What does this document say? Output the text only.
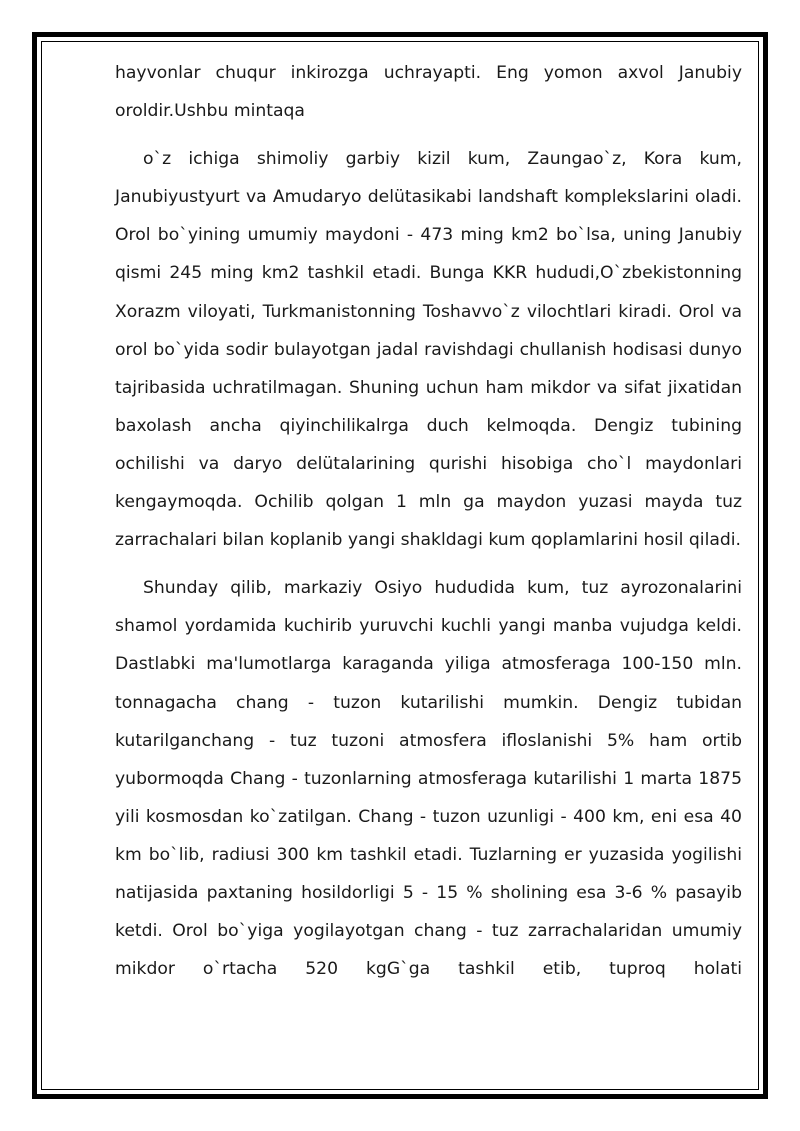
hayvonlar chuqur inkirozga uchrayapti. Eng yomon axvol Janubiy oroldir.Ushbu mintaqa

o`z ichiga shimoliy garbiy kizil kum, Zaungao`z, Kora kum, Janubiyustyurt va Amudaryo delütasikabi landshaft komplekslarini oladi. Orol bo`yining umumiy maydoni - 473 ming km2 bo`lsa, uning Janubiy qismi 245 ming km2 tashkil etadi. Bunga KKR hududi,O`zbekistonning Xorazm viloyati, Turkmanistonning Toshavvo`z vilochtlari kiradi. Orol va orol bo`yida sodir bulayotgan jadal ravishdagi chullanish hodisasi dunyo tajribasida uchratilmagan. Shuning uchun ham mikdor va sifat jixatidan baxolash ancha qiyinchilikalrga duch kelmoqda. Dengiz tubining ochilishi va daryo delütalarining qurishi hisobiga cho`l maydonlari kengaymoqda. Ochilib qolgan 1 mln ga maydon yuzasi mayda tuz zarrachalari bilan koplanib yangi shakldagi kum qoplamlarini hosil qiladi.

Shunday qilib, markaziy Osiyo hududida kum, tuz ayrozonalarini shamol yordamida kuchirib yuruvchi kuchli yangi manba vujudga keldi. Dastlabki ma'lumotlarga karaganda yiliga atmosferaga 100-150 mln. tonnagacha chang - tuzon kutarilishi mumkin. Dengiz tubidan kutarilganchang - tuz tuzoni atmosfera ifloslanishi 5% ham ortib yubormoqda Chang - tuzonlarning atmosferaga kutarilishi 1 marta 1875 yili kosmosdan ko`zatilgan. Chang - tuzon uzunligi - 400 km, eni esa 40 km bo`lib, radiusi 300 km tashkil etadi. Tuzlarning er yuzasida yogilishi natijasida paxtaning hosildorligi 5 - 15 % sholining esa 3-6 % pasayib ketdi. Orol bo`yiga yogilayotgan chang - tuz zarrachalaridan umumiy mikdor o`rtacha 520 kgG`ga tashkil etib, tuproq holati
